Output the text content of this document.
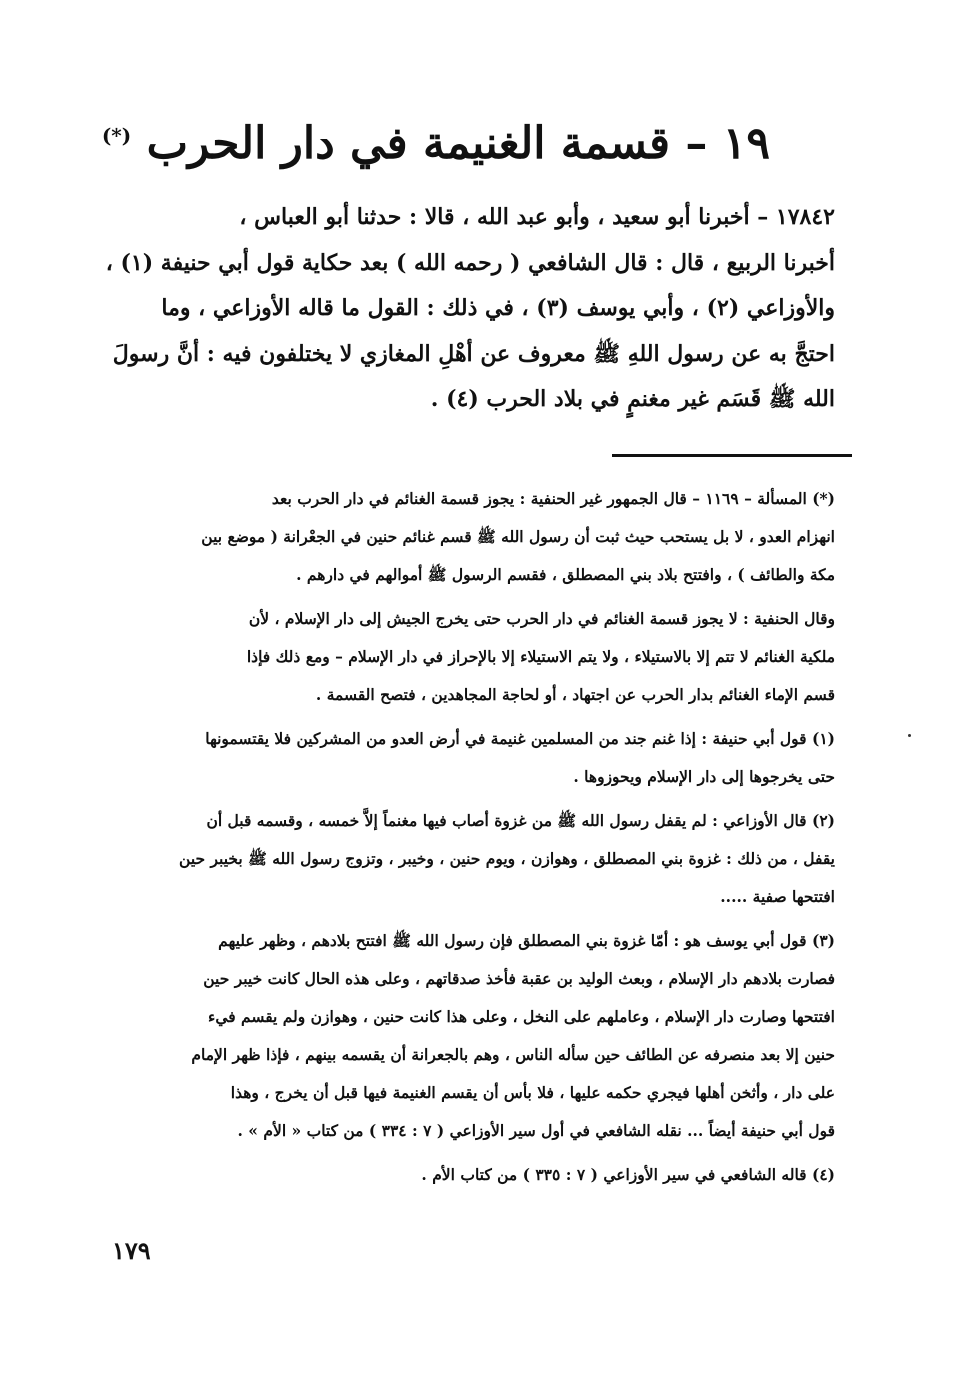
١٩ – قسمة الغنيمة في دار الحرب (*)
١٧٨٤٢ – أخبرنا أبو سعيد ، وأبو عبد الله ، قالا : حدثنا أبو العباس ،
أخبرنا الربيع ، قال : قال الشافعي ( رحمه الله ) بعد حكاية قول أبي حنيفة (١) ،
والأوزاعي (٢) ، وأبي يوسف (٣) ، في ذلك : القول ما قاله الأوزاعي ، وما
احتجَّ به عن رسول اللهِ ﷺ معروف عن أهْلِ المغازي لا يختلفون فيه : أنَّ رسولَ
الله ﷺ قَسَم غير مغنمٍ في بلاد الحرب (٤) .
(*) المسألة – ١١٦٩ – قال الجمهور غير الحنفية : يجوز قسمة الغنائم في دار الحرب بعد
انهزام العدو ، لا بل يستحب حيث ثبت أن رسول الله ﷺ قسم غنائم حنين في الجعْرانة ( موضع بين
مكة والطائف ) ، وافتتح بلاد بني المصطلق ، فقسم الرسول ﷺ أموالهم في دارهم .
وقال الحنفية : لا يجوز قسمة الغنائم في دار الحرب حتى يخرج الجيش إلى دار الإسلام ، لأن
ملكية الغنائم لا تتم إلا بالاستيلاء ، ولا يتم الاستيلاء إلا بالإحراز في دار الإسلام – ومع ذلك فإذا
قسم الإماء الغنائم بدار الحرب عن اجتهاد ، أو لحاجة المجاهدين ، فتصح القسمة .
(١) قول أبي حنيفة : إذا غنم جند من المسلمين غنيمة في أرض العدو من المشركين فلا يقتسمونها
حتى يخرجوها إلى دار الإسلام ويحوزوها .
(٢) قال الأوزاعي : لم يقفل رسول الله ﷺ من غزوة أصاب فيها مغنماً إلاَّ خمسه ، وقسمه قبل أن
يقفل ، من ذلك : غزوة بني المصطلق ، وهوازن ، ويوم حنين ، وخيبر ، وتزوج رسول الله ﷺ بخيبر حين
افتتحها صفية .....
(٣) قول أبي يوسف هو : أمّا غزوة بني المصطلق فإن رسول الله ﷺ افتتح بلادهم ، وظهر عليهم
فصارت بلادهم دار الإسلام ، وبعث الوليد بن عقبة فأخذ صدقاتهم ، وعلى هذه الحال كانت خيبر حين
افتتحها وصارت دار الإسلام ، وعاملهم على النخل ، وعلى هذا كانت حنين ، وهوازن ولم يقسم فيء
حنين إلا بعد منصرفه عن الطائف حين سأله الناس ، وهم بالجعرانة أن يقسمه بينهم ، فإذا ظهر الإمام
على دار ، وأثخن أهلها فيجري حكمه عليها ، فلا بأس أن يقسم الغنيمة فيها قبل أن يخرج ، وهذا
قول أبي حنيفة أيضاً ... نقله الشافعي في أول سير الأوزاعي ( ٧ : ٣٣٤ ) من كتاب « الأم » .
(٤) قاله الشافعي في سير الأوزاعي ( ٧ : ٣٣٥ ) من كتاب الأم .
١٧٩
